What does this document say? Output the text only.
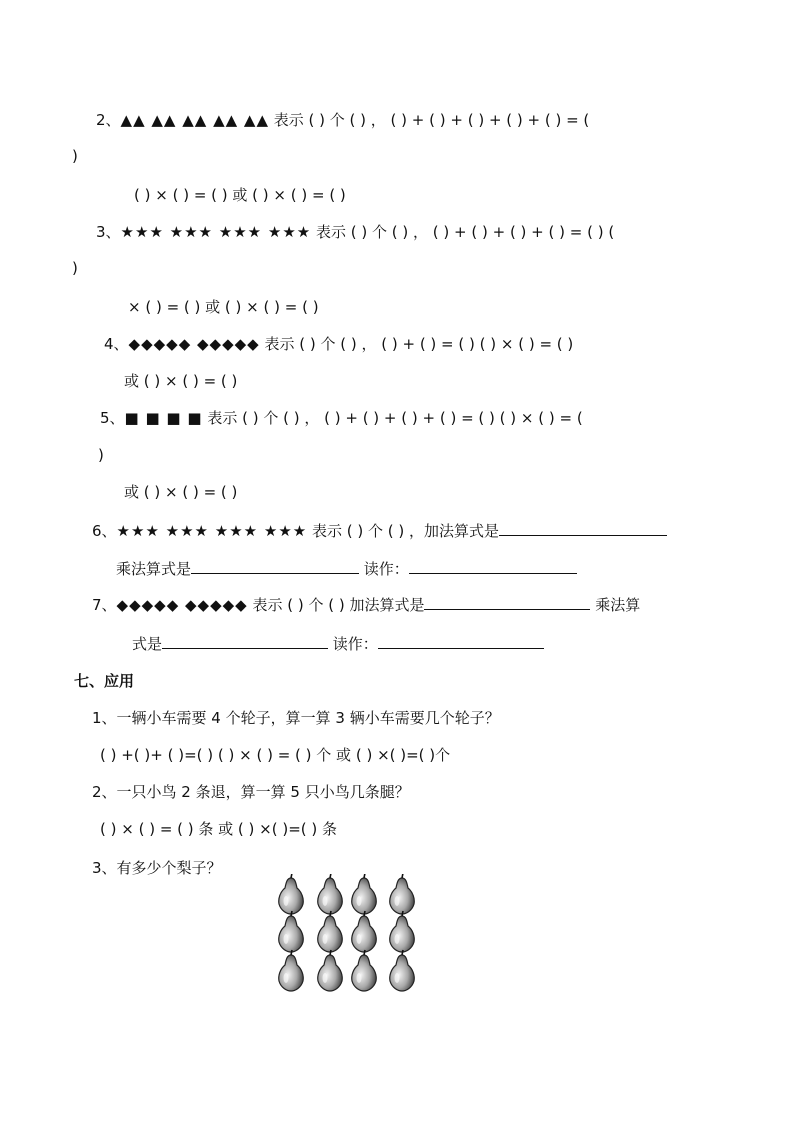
2、▲▲ ▲▲ ▲▲ ▲▲ ▲▲ 表示 ( ) 个 ( ) ， ( ) + ( ) + ( ) + ( ) + ( ) = (
)
( ) × ( ) = ( ) 或 ( ) × ( ) = ( )
3、★★★ ★★★ ★★★ ★★★ 表示 ( ) 个 ( ) ， ( ) + ( ) + ( ) + ( ) = ( ) (
)
× ( ) = ( ) 或 ( ) × ( ) = ( )
4、◆◆◆◆◆ ◆◆◆◆◆ 表示 ( ) 个 ( ) ， ( ) + ( ) = ( ) ( ) × ( ) = ( )
或 ( ) × ( ) = ( )
5、■ ■ ■ ■ 表示 ( ) 个 ( ) ， ( ) + ( ) + ( ) + ( ) = ( ) ( ) × ( ) = (
)
或 ( ) × ( ) = ( )
6、★★★ ★★★ ★★★ ★★★ 表示 ( ) 个 ( ) ，加法算式是
乘法算式是	读作：
7、◆◆◆◆◆ ◆◆◆◆◆ 表示 ( ) 个 ( ) 加法算式是	乘法算
式是	读作：
七、应用
1、一辆小车需要 4 个轮子，算一算 3 辆小车需要几个轮子？
( ) +( )+ ( )=( ) ( ) × ( ) = ( ) 个 或 ( ) ×( )=( )个
2、一只小鸟 2 条退，算一算 5 只小鸟几条腿？
( ) × ( ) = ( ) 条 或 ( ) ×( )=( ) 条
3、有多少个梨子？
